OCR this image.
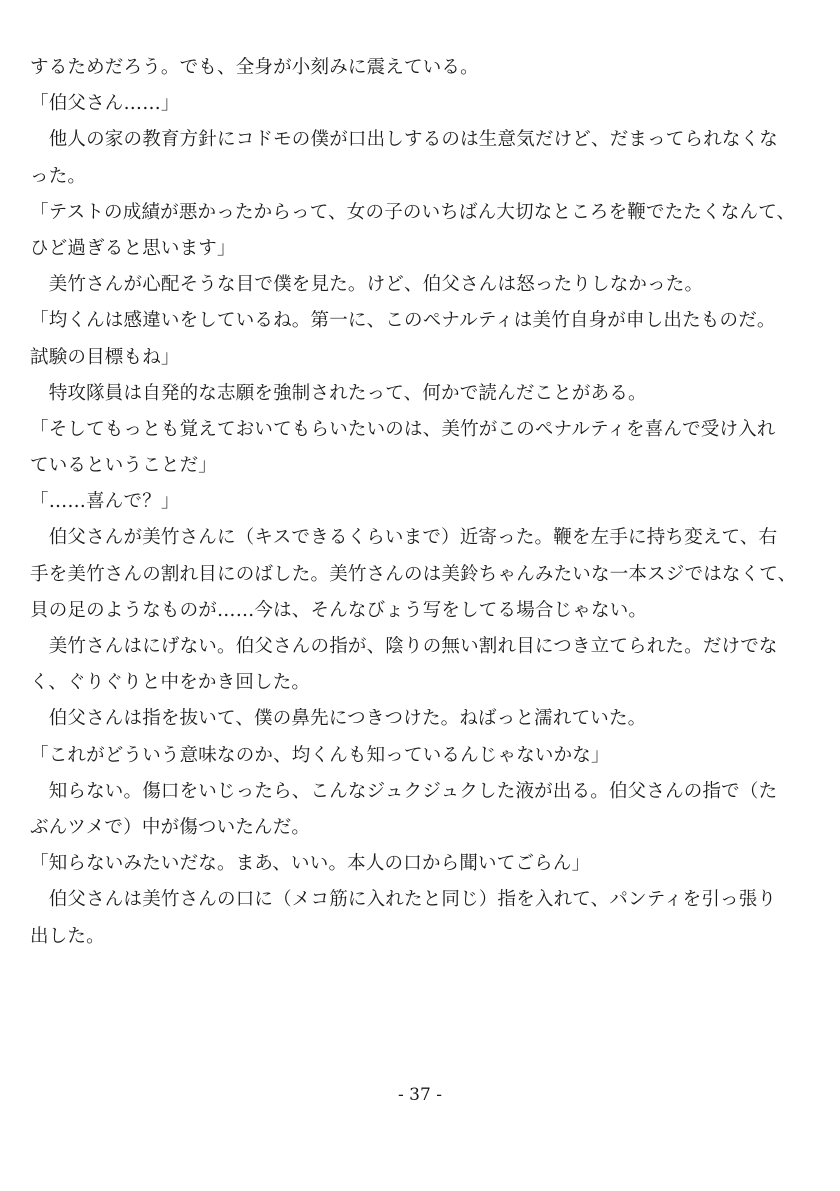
するためだろう。でも、全身が小刻みに震えている。
「伯父さん……」
　他人の家の教育方針にコドモの僕が口出しするのは生意気だけど、だまってられなくな
った。
「テストの成績が悪かったからって、女の子のいちばん大切なところを鞭でたたくなんて、
ひど過ぎると思います」
　美竹さんが心配そうな目で僕を見た。けど、伯父さんは怒ったりしなかった。
「均くんは感違いをしているね。第一に、このペナルティは美竹自身が申し出たものだ。
試験の目標もね」
　特攻隊員は自発的な志願を強制されたって、何かで読んだことがある。
「そしてもっとも覚えておいてもらいたいのは、美竹がこのペナルティを喜んで受け入れ
ているということだ」
「……喜んで？」
　伯父さんが美竹さんに（キスできるくらいまで）近寄った。鞭を左手に持ち変えて、右
手を美竹さんの割れ目にのばした。美竹さんのは美鈴ちゃんみたいな一本スジではなくて、
貝の足のようなものが……今は、そんなびょう写をしてる場合じゃない。
　美竹さんはにげない。伯父さんの指が、陰りの無い割れ目につき立てられた。だけでな
く、ぐりぐりと中をかき回した。
　伯父さんは指を抜いて、僕の鼻先につきつけた。ねばっと濡れていた。
「これがどういう意味なのか、均くんも知っているんじゃないかな」
　知らない。傷口をいじったら、こんなジュクジュクした液が出る。伯父さんの指で（た
ぶんツメで）中が傷ついたんだ。
「知らないみたいだな。まあ、いい。本人の口から聞いてごらん」
　伯父さんは美竹さんの口に（メコ筋に入れたと同じ）指を入れて、パンティを引っ張り
出した。
- 37 -
